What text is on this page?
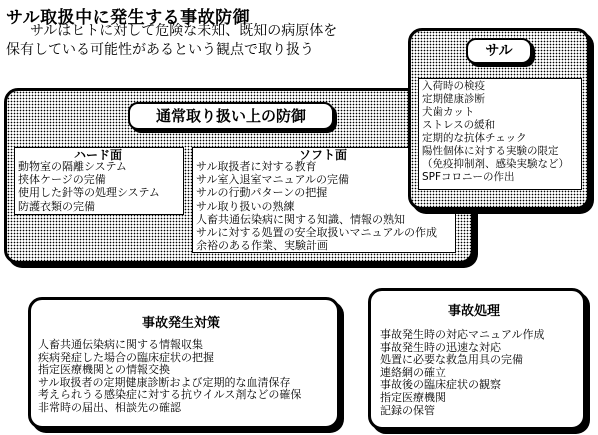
サル取扱中に発生する事故防御
サルはヒトに対して危険な未知、既知の病原体を
保有している可能性があるという観点で取り扱う
通常取り扱い上の防御
ハード面
動物室の隔離システム
挟体ケージの完備
使用した針等の処理システム
防護衣類の完備
ソフト面
サル取扱者に対する教育
サル室入退室マニュアルの完備
サルの行動パターンの把握
サル取り扱いの熟練
人畜共通伝染病に関する知識、情報の熟知
サルに対する処置の安全取扱いマニュアルの作成
余裕のある作業、実験計画
サル
入荷時の検疫
定期健康診断
犬歯カット
ストレスの緩和
定期的な抗体チェック
陽性個体に対する実験の限定
（免疫抑制剤、感染実験など）
SPFコロニーの作出
事故発生対策
人畜共通伝染病に関する情報収集
疾病発症した場合の臨床症状の把握
指定医療機関との情報交換
サル取扱者の定期健康診断および定期的な血清保存
考えられうる感染症に対する抗ウイルス剤などの確保
非常時の届出、相談先の確認
事故処理
事故発生時の対応マニュアル作成
事故発生時の迅速な対応
処置に必要な救急用具の完備
連絡網の確立
事故後の臨床症状の観察
指定医療機関
記録の保管
